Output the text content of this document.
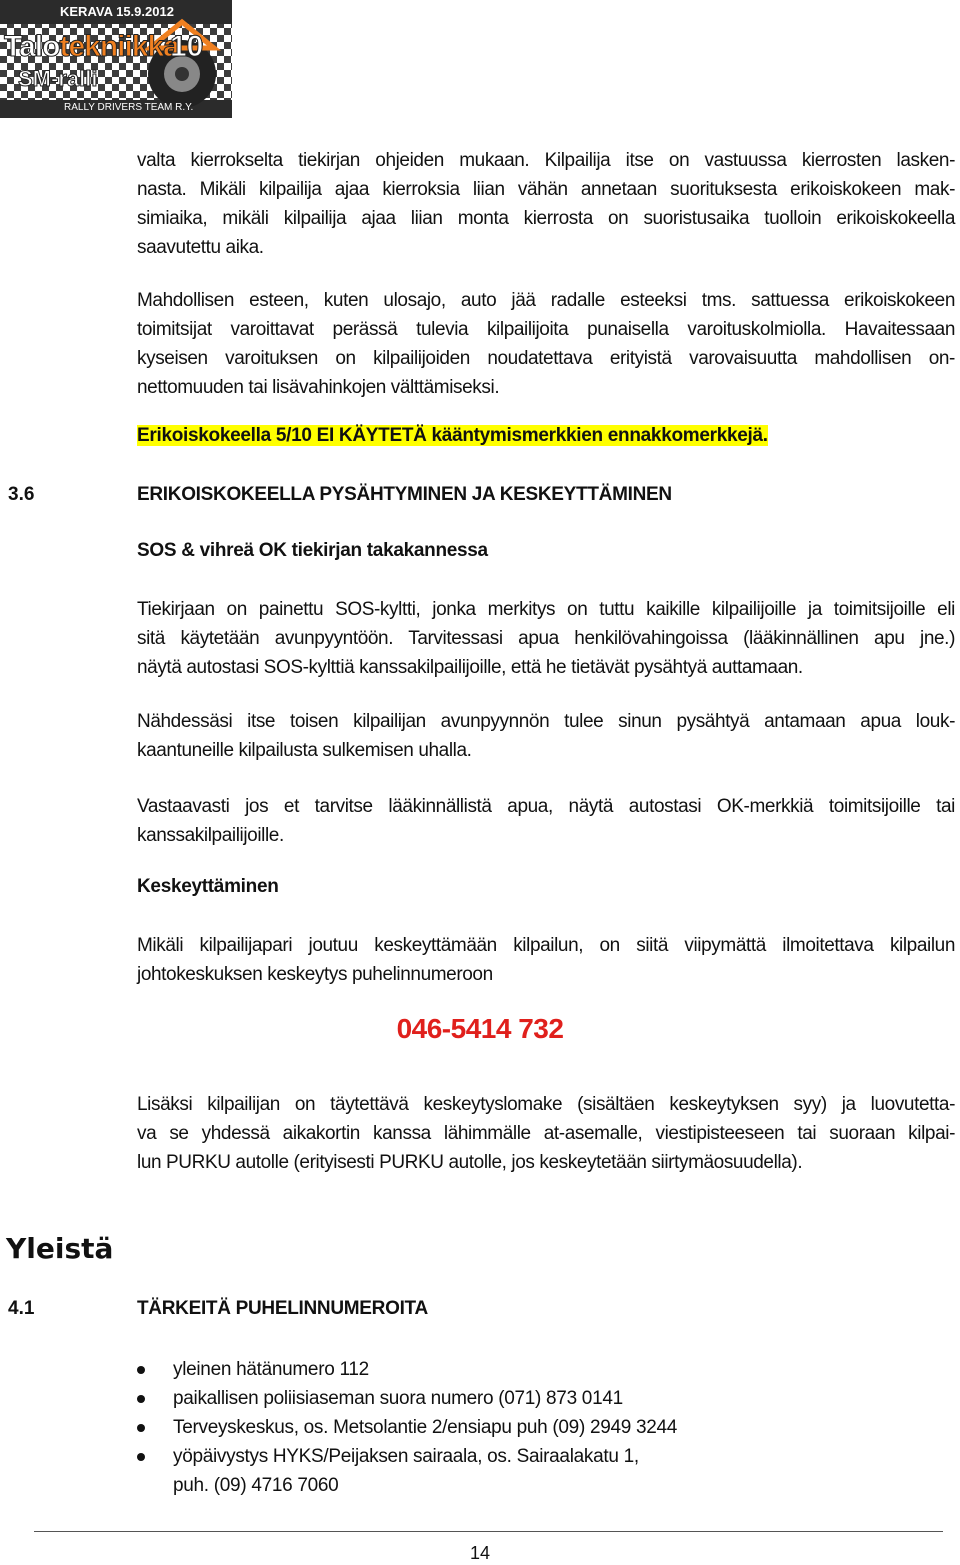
KERAVA 15.9.2012
Talotekniikka
10
SM-ralli
RALLY DRIVERS TEAM R.Y.
valta kierrokselta tiekirjan ohjeiden mukaan. Kilpailija itse on vastuussa kierrosten lasken-
nasta. Mikäli kilpailija ajaa kierroksia liian vähän annetaan suorituksesta erikoiskokeen mak-
simiaika, mikäli kilpailija ajaa liian monta kierrosta on suoristusaika tuolloin erikoiskokeella
saavutettu aika.
Mahdollisen esteen, kuten ulosajo, auto jää radalle esteeksi tms. sattuessa erikoiskokeen
toimitsijat varoittavat perässä tulevia kilpailijoita punaisella varoituskolmiolla. Havaitessaan
kyseisen varoituksen on kilpailijoiden noudatettava erityistä varovaisuutta mahdollisen on-
nettomuuden tai lisävahinkojen välttämiseksi.
Erikoiskokeella 5/10 EI KÄYTETÄ kääntymismerkkien ennakkomerkkejä.
3.6	ERIKOISKOKEELLA PYSÄHTYMINEN JA KESKEYTTÄMINEN
SOS & vihreä OK tiekirjan takakannessa
Tiekirjaan on painettu SOS-kyltti, jonka merkitys on tuttu kaikille kilpailijoille ja toimitsijoille eli
sitä käytetään avunpyyntöön. Tarvitessasi apua henkilövahingoissa (lääkinnällinen apu jne.)
näytä autostasi SOS-kylttiä kanssakilpailijoille, että he tietävät pysähtyä auttamaan.
Nähdessäsi itse toisen kilpailijan avunpyynnön tulee sinun pysähtyä antamaan apua louk-
kaantuneille kilpailusta sulkemisen uhalla.
Vastaavasti jos et tarvitse lääkinnällistä apua, näytä autostasi OK-merkkiä toimitsijoille tai
kanssakilpailijoille.
Keskeyttäminen
Mikäli kilpailijapari joutuu keskeyttämään kilpailun, on siitä viipymättä ilmoitettava kilpailun
johtokeskuksen keskeytys puhelinnumeroon
046-5414 732
Lisäksi kilpailijan on täytettävä keskeytyslomake (sisältäen keskeytyksen syy) ja luovutetta-
va se yhdessä aikakortin kanssa lähimmälle at-asemalle, viestipisteeseen tai suoraan kilpai-
lun PURKU autolle (erityisesti PURKU autolle, jos keskeytetään siirtymäosuudella).
Yleistä
4.1	TÄRKEITÄ PUHELINNUMEROITA
yleinen hätänumero 112
paikallisen poliisiaseman suora numero (071) 873 0141
Terveyskeskus, os. Metsolantie 2/ensiapu puh (09) 2949 3244
yöpäivystys HYKS/Peijaksen sairaala, os. Sairaalakatu 1,
puh. (09) 4716 7060
14
